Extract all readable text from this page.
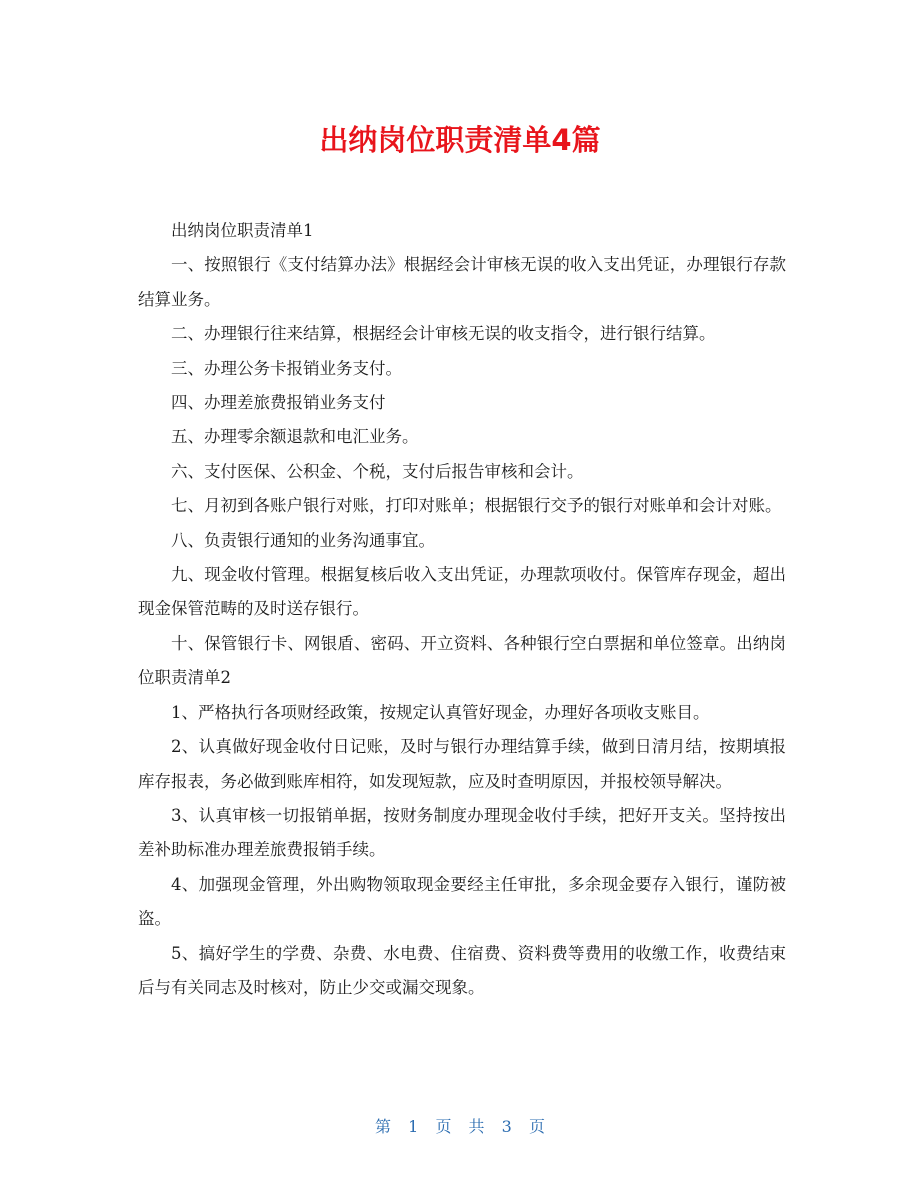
出纳岗位职责清单4篇

出纳岗位职责清单1

一、按照银行《支付结算办法》根据经会计审核无误的收入支出凭证，办理银行存款结算业务。

二、办理银行往来结算，根据经会计审核无误的收支指令，进行银行结算。

三、办理公务卡报销业务支付。

四、办理差旅费报销业务支付

五、办理零余额退款和电汇业务。

六、支付医保、公积金、个税，支付后报告审核和会计。

七、月初到各账户银行对账，打印对账单；根据银行交予的银行对账单和会计对账。

八、负责银行通知的业务沟通事宜。

九、现金收付管理。根据复核后收入支出凭证，办理款项收付。保管库存现金，超出现金保管范畴的及时送存银行。

十、保管银行卡、网银盾、密码、开立资料、各种银行空白票据和单位签章。出纳岗位职责清单2

1、严格执行各项财经政策，按规定认真管好现金，办理好各项收支账目。

2、认真做好现金收付日记账，及时与银行办理结算手续，做到日清月结，按期填报库存报表，务必做到账库相符，如发现短款，应及时查明原因，并报校领导解决。

3、认真审核一切报销单据，按财务制度办理现金收付手续，把好开支关。坚持按出差补助标准办理差旅费报销手续。

4、加强现金管理，外出购物领取现金要经主任审批，多余现金要存入银行，谨防被盗。

5、搞好学生的学费、杂费、水电费、住宿费、资料费等费用的收缴工作，收费结束后与有关同志及时核对，防止少交或漏交现象。

第 1 页 共 3 页
